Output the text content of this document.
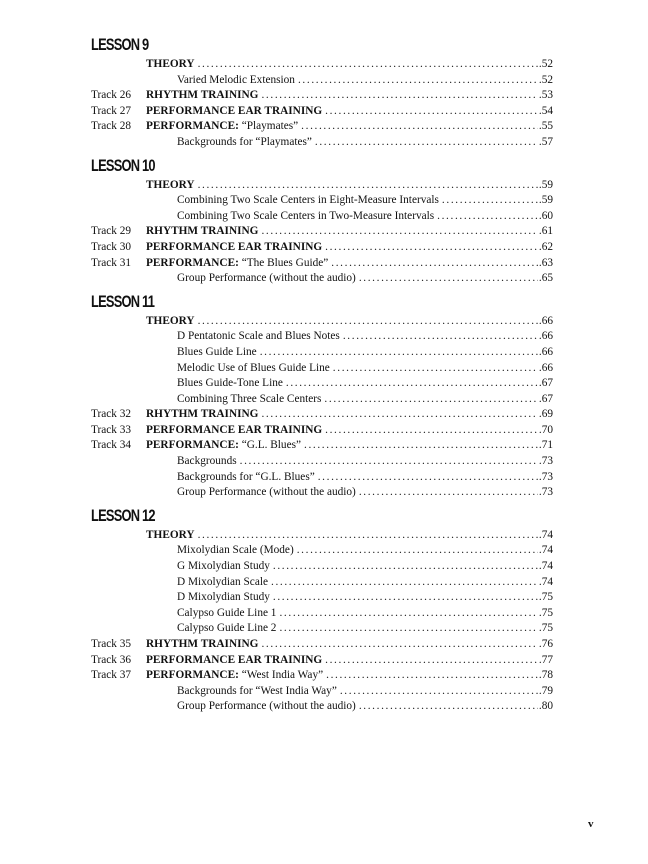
LESSON 9
THEORY . . .	.52
Varied Melodic Extension . . .	.52
Track 26	RHYTHM TRAINING . . .	.53
Track 27	PERFORMANCE EAR TRAINING . . .	.54
Track 28	PERFORMANCE: “Playmates” . . .	.55
Backgrounds for “Playmates” . . .	.57
LESSON 10
THEORY . . .	.59
Combining Two Scale Centers in Eight-Measure Intervals . . .	.59
Combining Two Scale Centers in Two-Measure Intervals . . .	.60
Track 29	RHYTHM TRAINING . . .	.61
Track 30	PERFORMANCE EAR TRAINING . . .	.62
Track 31	PERFORMANCE: “The Blues Guide” . . .	.63
Group Performance (without the audio) . . .	.65
LESSON 11
THEORY . . .	.66
D Pentatonic Scale and Blues Notes . . .	.66
Blues Guide Line . . .	.66
Melodic Use of Blues Guide Line . . .	.66
Blues Guide-Tone Line . . .	.67
Combining Three Scale Centers . . .	.67
Track 32	RHYTHM TRAINING . . .	.69
Track 33	PERFORMANCE EAR TRAINING . . .	.70
Track 34	PERFORMANCE: “G.L. Blues” . . .	.71
Backgrounds . . .	.73
Backgrounds for “G.L. Blues” . . .	.73
Group Performance (without the audio) . . .	.73
LESSON 12
THEORY . . .	.74
Mixolydian Scale (Mode) . . .	.74
G Mixolydian Study . . .	.74
D Mixolydian Scale . . .	.74
D Mixolydian Study . . .	.75
Calypso Guide Line 1 . . .	.75
Calypso Guide Line 2 . . .	.75
Track 35	RHYTHM TRAINING . . .	.76
Track 36	PERFORMANCE EAR TRAINING . . .	.77
Track 37	PERFORMANCE: “West India Way” . . .	.78
Backgrounds for “West India Way” . . .	.79
Group Performance (without the audio) . . .	.80
v
